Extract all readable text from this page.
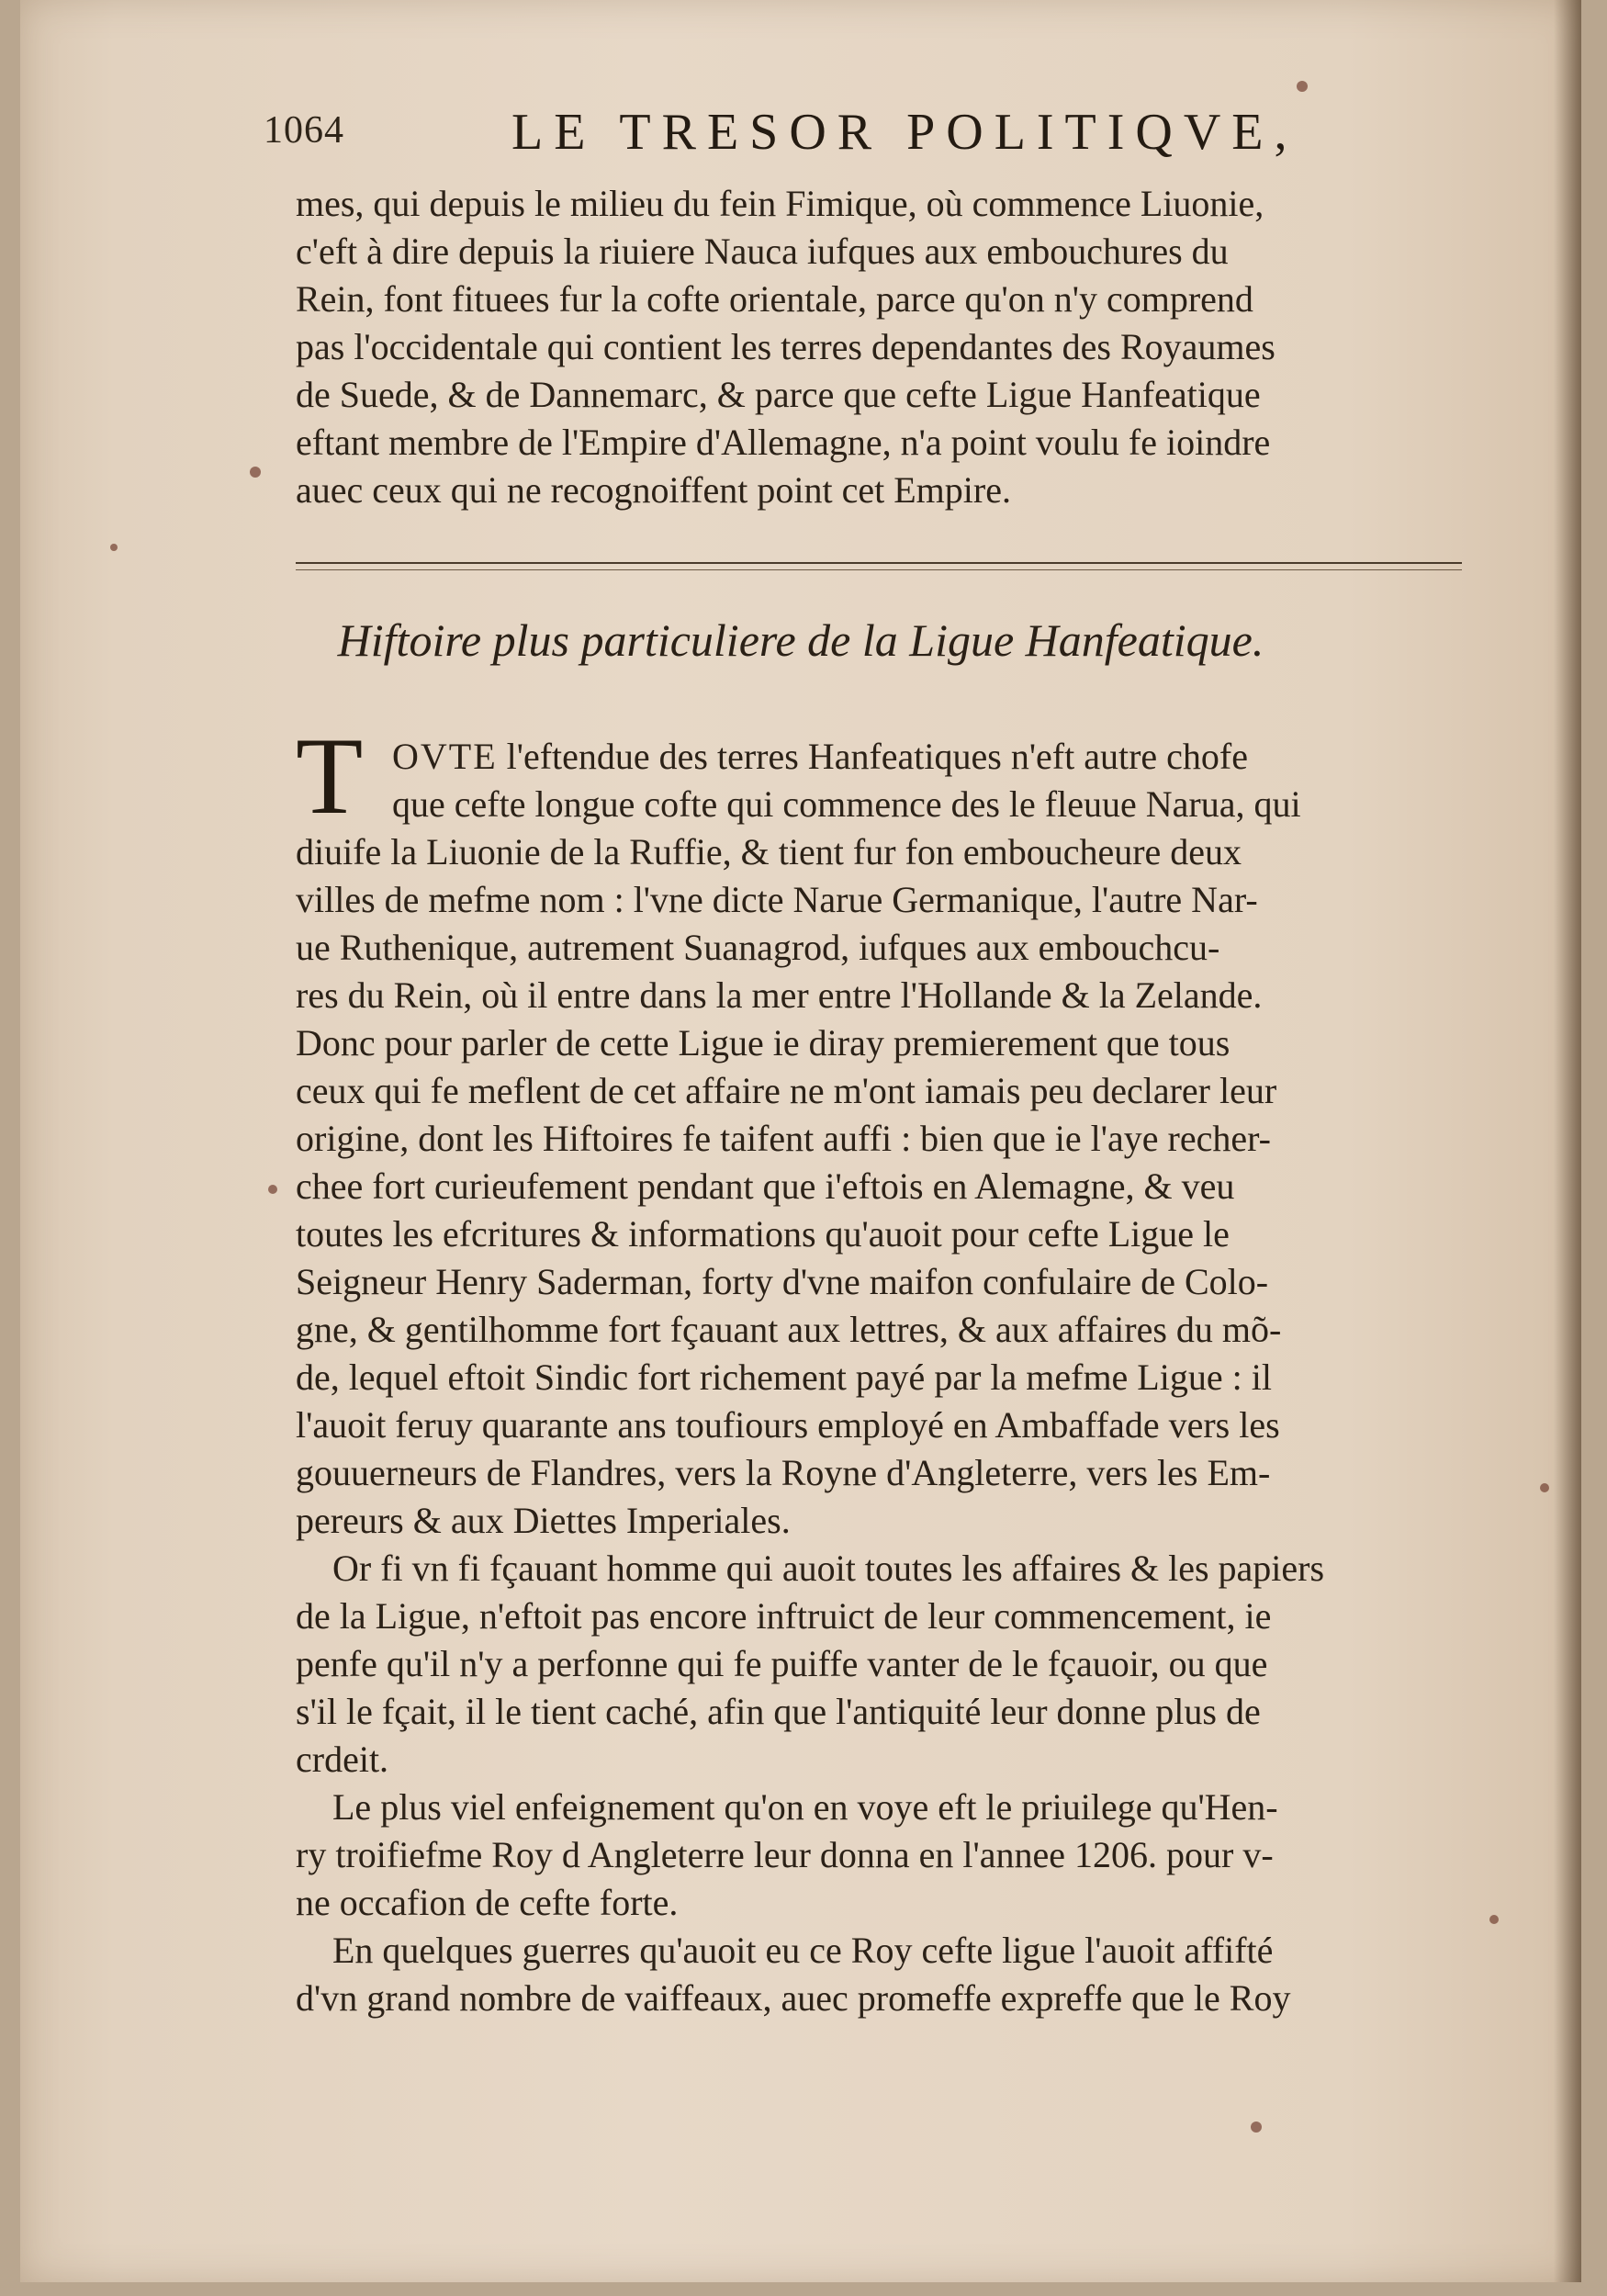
1064	LE TRESOR POLITIQVE,
mes, qui depuis le milieu du fein Fimique, où commence Liuonie,
c'eft à dire depuis la riuiere Nauca iufques aux embouchures du
Rein, font fituees fur la cofte orientale, parce qu'on n'y comprend
pas l'occidentale qui contient les terres dependantes des Royaumes
de Suede, & de Dannemarc, & parce que cefte Ligue Hanfeatique
eftant membre de l'Empire d'Allemagne, n'a point voulu fe ioindre
auec ceux qui ne recognoiffent point cet Empire.
Hiftoire plus particuliere de la Ligue Hanfeatique.
T OVTE l'eftendue des terres Hanfeatiques n'eft autre chofe
que cefte longue cofte qui commence des le fleuue Narua, qui
diuife la Liuonie de la Ruffie, & tient fur fon emboucheure deux
villes de mefme nom : l'vne dicte Narue Germanique, l'autre Nar-
ue Ruthenique, autrement Suanagrod, iufques aux embouchcu-
res du Rein, où il entre dans la mer entre l'Hollande & la Zelande.
Donc pour parler de cette Ligue ie diray premierement que tous
ceux qui fe meflent de cet affaire ne m'ont iamais peu declarer leur
origine, dont les Hiftoires fe taifent auffi : bien que ie l'aye recher-
chee fort curieufement pendant que i'eftois en Alemagne, & veu
toutes les efcritures & informations qu'auoit pour cefte Ligue le
Seigneur Henry Saderman, forty d'vne maifon confulaire de Colo-
gne, & gentilhomme fort fçauant aux lettres, & aux affaires du mõ-
de, lequel eftoit Sindic fort richement payé par la mefme Ligue : il
l'auoit feruy quarante ans toufiours employé en Ambaffade vers les
gouuerneurs de Flandres, vers la Royne d'Angleterre, vers les Em-
pereurs & aux Diettes Imperiales.
Or fi vn fi fçauant homme qui auoit toutes les affaires & les papiers
de la Ligue, n'eftoit pas encore inftruict de leur commencement, ie
penfe qu'il n'y a perfonne qui fe puiffe vanter de le fçauoir, ou que
s'il le fçait, il le tient caché, afin que l'antiquité leur donne plus de
crdeit.
Le plus viel enfeignement qu'on en voye eft le priuilege qu'Hen-
ry troifiefme Roy d Angleterre leur donna en l'annee 1206. pour v-
ne occafion de cefte forte.
En quelques guerres qu'auoit eu ce Roy cefte ligue l'auoit affifté
d'vn grand nombre de vaiffeaux, auec promeffe expreffe que le Roy
